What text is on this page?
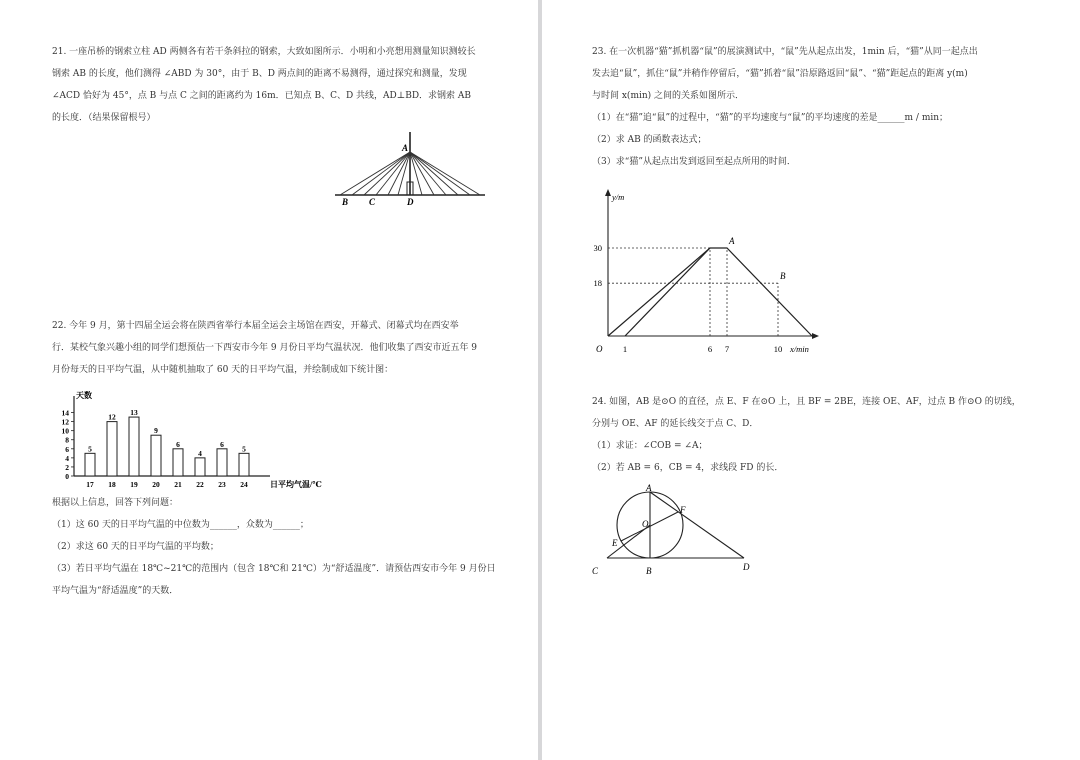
21. 一座吊桥的钢索立柱 AD 两侧各有若干条斜拉的钢索，大致如图所示．小明和小亮想用测量知识测较长

钢索 AB 的长度，他们测得 ∠ABD 为 30°，由于 B、D 两点间的距离不易测得，通过探究和测量，发现

∠ACD 恰好为 45°，点 B 与点 C 之间的距离约为 16m．已知点 B、C、D 共线，AD⊥BD．求钢索 AB

的长度．（结果保留根号）

A
B C	D

22. 今年 9 月，第十四届全运会将在陕西省举行本届全运会主场馆在西安，开幕式、闭幕式均在西安举

行．某校气象兴趣小组的同学们想预估一下西安市今年 9 月份日平均气温状况．他们收集了西安市近五年 9

月份每天的日平均气温，从中随机抽取了 60 天的日平均气温，并绘制成如下统计图：

天数
日平均气温/℃
0
2
4
6
8
10
12
14
5
17
12
18
13
19
9
20
6
21
4
22
6
23
5
24

根据以上信息，回答下列问题：

（1）这 60 天的日平均气温的中位数为______，众数为______；

（2）求这 60 天的日平均气温的平均数；

（3）若日平均气温在 18℃~21℃的范围内（包含 18℃和 21℃）为“舒适温度”．请预估西安市今年 9 月份日

平均气温为“舒适温度”的天数．

23. 在一次机器“猫”抓机器“鼠”的展演测试中，“鼠”先从起点出发，1min 后，“猫”从同一起点出

发去追“鼠”，抓住“鼠”并稍作停留后，“猫”抓着“鼠”沿原路返回“鼠”、“猫”距起点的距离 y(m)

与时间 x(min) 之间的关系如图所示．

（1）在“猫”追“鼠”的过程中，“猫”的平均速度与“鼠”的平均速度的差是______m / min；

（2）求 AB 的函数表达式；

（3）求“猫”从起点出发到返回至起点所用的时间．

y/m
x/min
O
18
30
1	6 7	10
A
B

24. 如图，AB 是⊙O 的直径，点 E、F 在⊙O 上，且 BF = 2BE，连接 OE、AF，过点 B 作⊙O 的切线，

分别与 OE、AF 的延长线交于点 C、D．

（1）求证：∠COB = ∠A；

（2）若 AB = 6，CB = 4，求线段 FD 的长．

A
O
F
E
C	B	D
